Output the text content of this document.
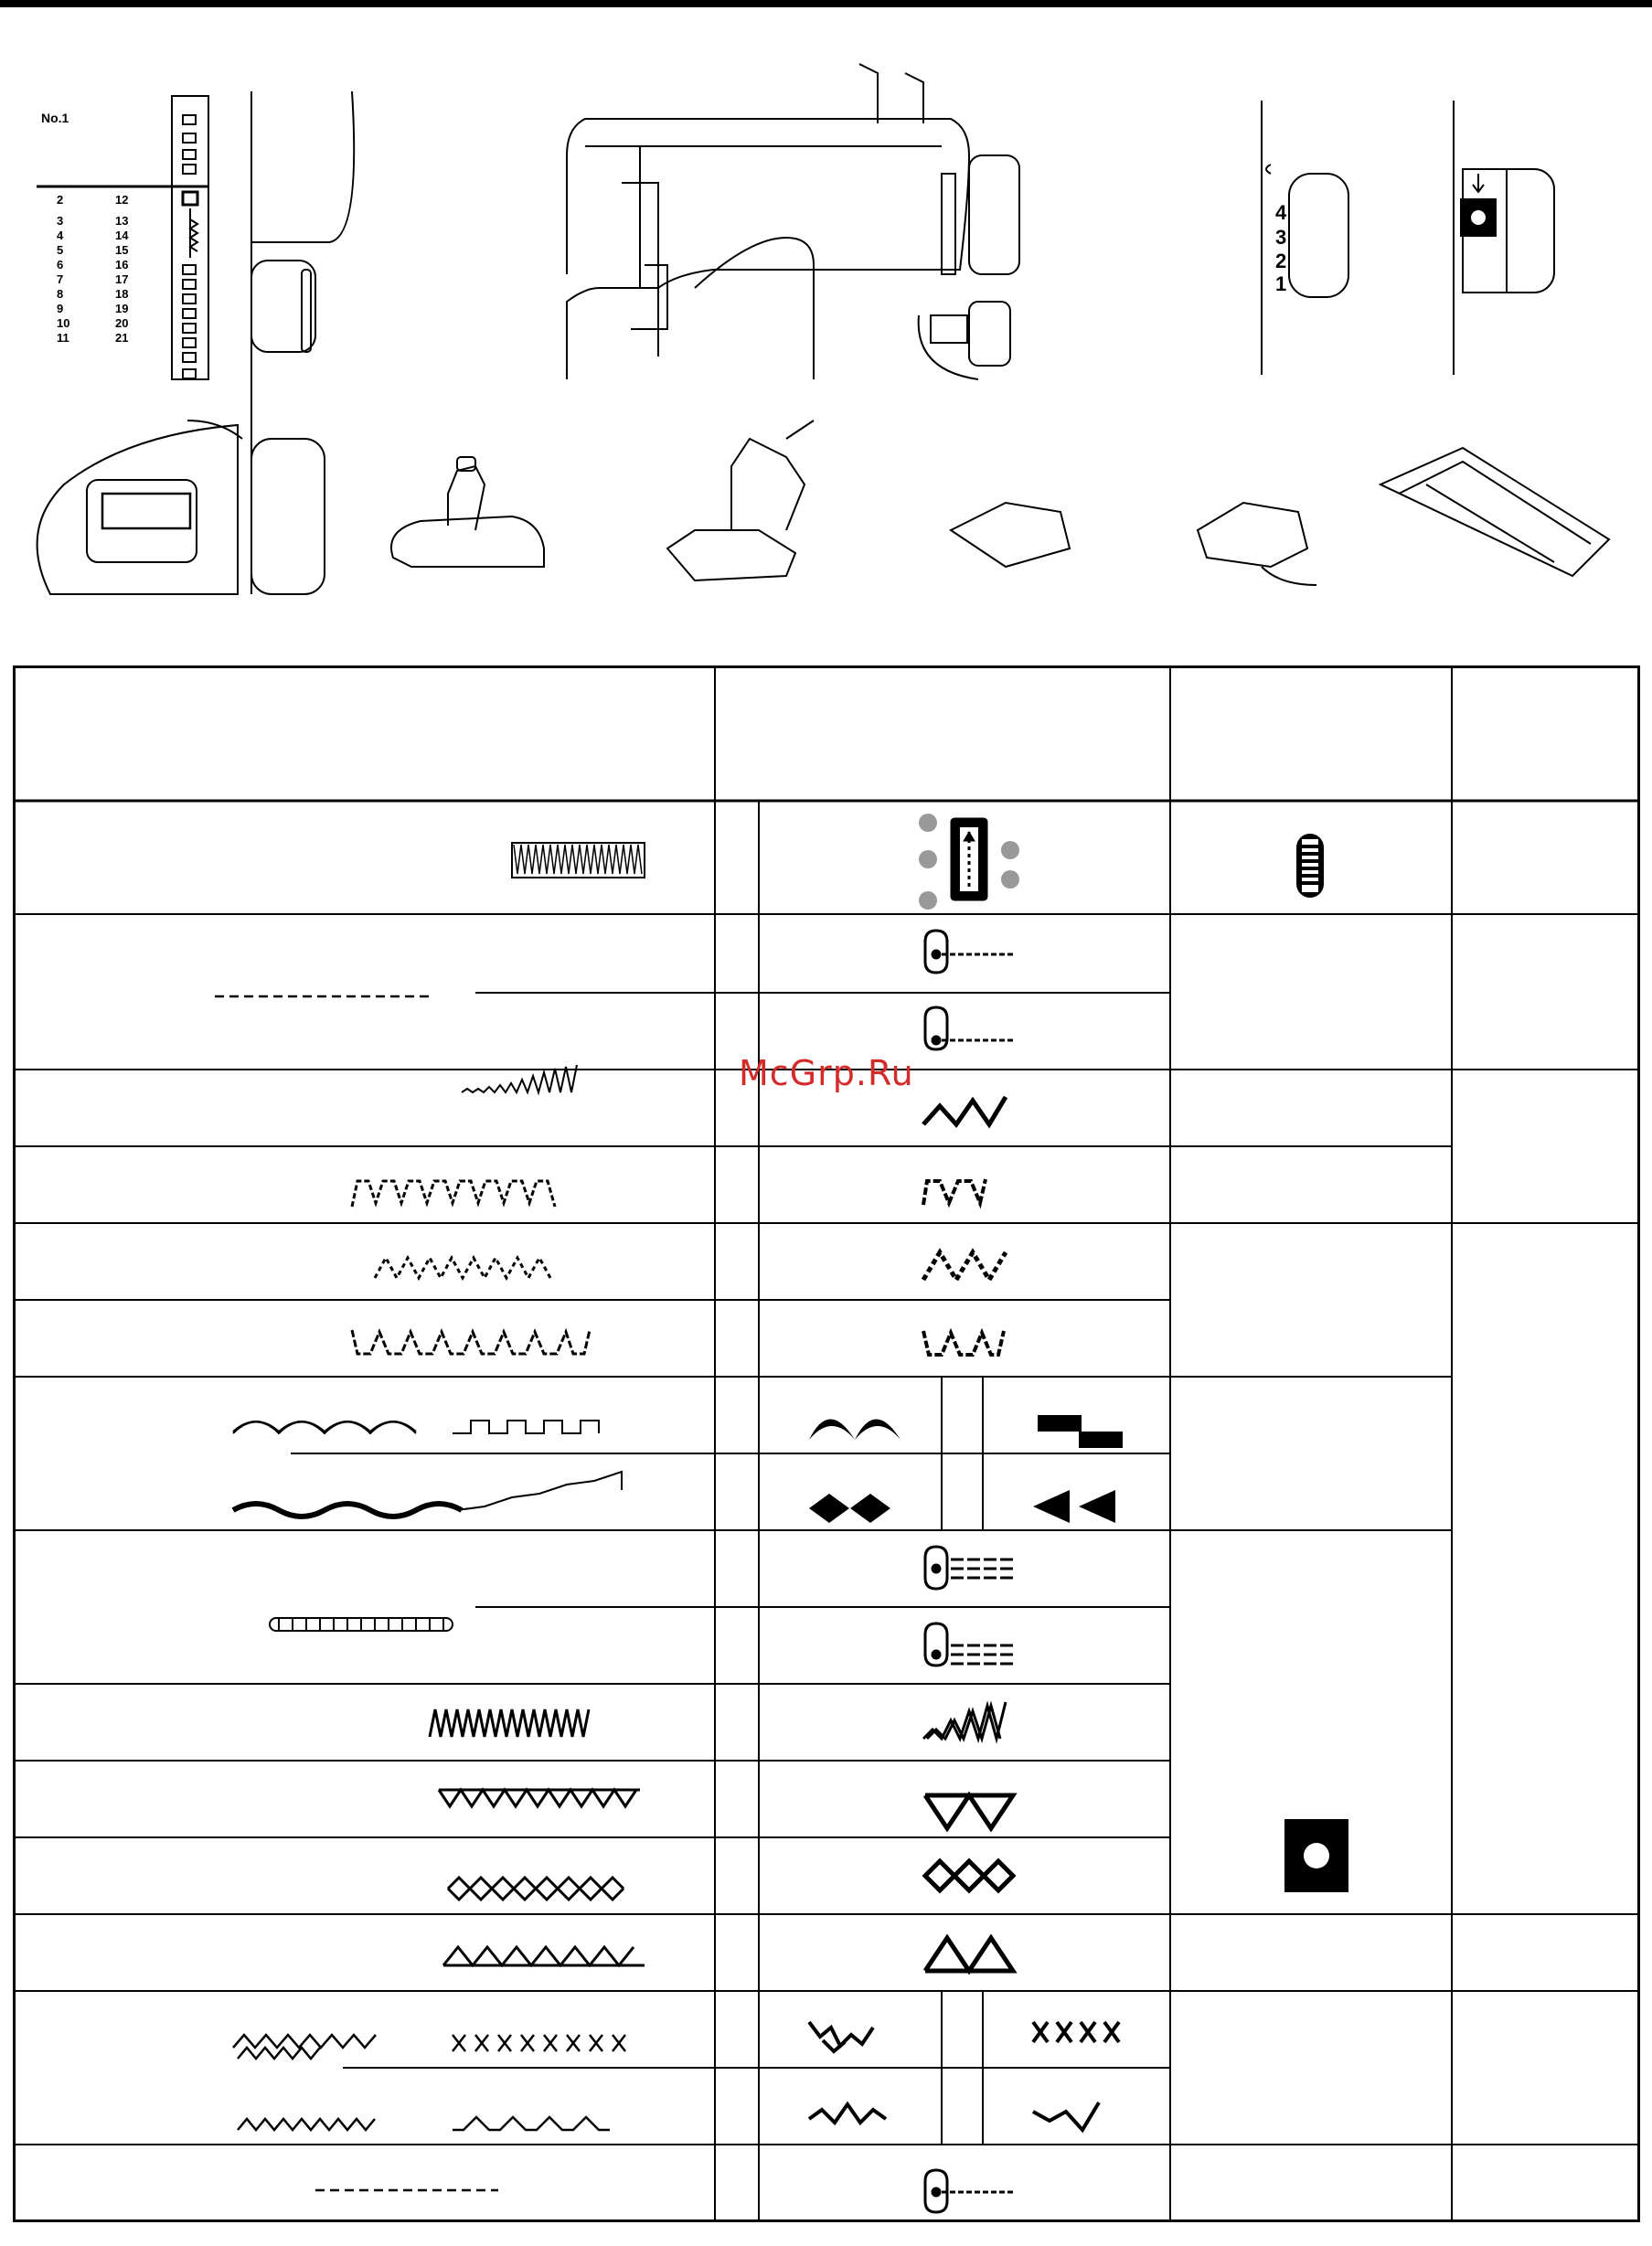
No.1
2
3
4
5
6
7
8
9
10
11
12
13
14
15
16
17
18
19
20
21
4
3
2
1
McGrp.Ru
